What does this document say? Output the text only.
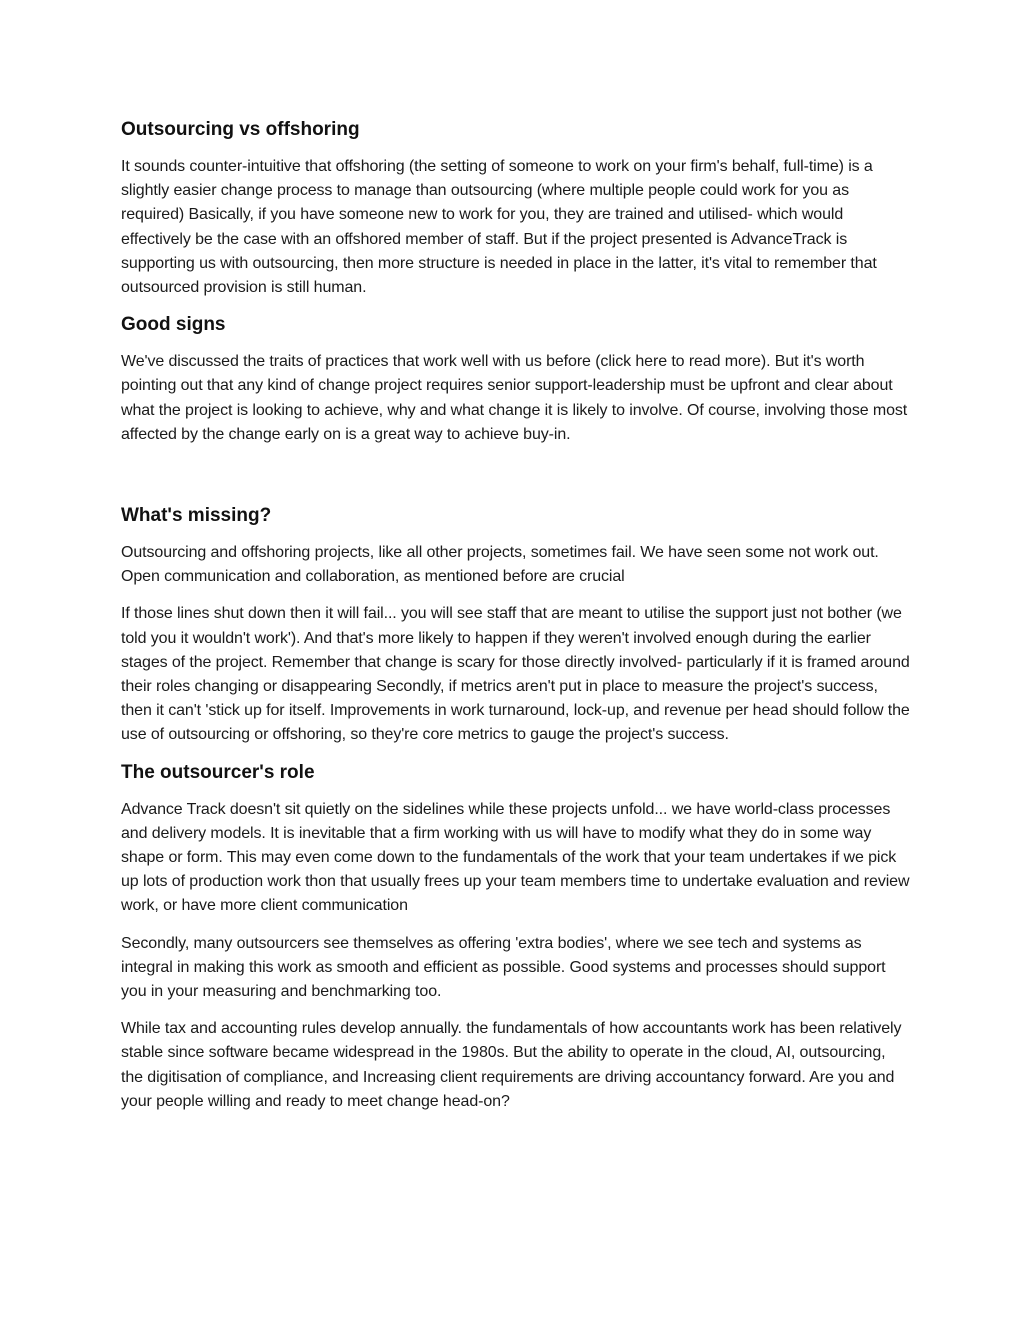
Outsourcing vs offshoring

It sounds counter-intuitive that offshoring (the setting of someone to work on your firm's behalf, full-time) is a slightly easier change process to manage than outsourcing (where multiple people could work for you as required) Basically, if you have someone new to work for you, they are trained and utilised- which would effectively be the case with an offshored member of staff. But if the project presented is AdvanceTrack is supporting us with outsourcing, then more structure is needed in place in the latter, it's vital to remember that outsourced provision is still human.

Good signs

We've discussed the traits of practices that work well with us before (click here to read more). But it's worth pointing out that any kind of change project requires senior support-leadership must be upfront and clear about what the project is looking to achieve, why and what change it is likely to involve. Of course, involving those most affected by the change early on is a great way to achieve buy-in.

What's missing?

Outsourcing and offshoring projects, like all other projects, sometimes fail. We have seen some not work out. Open communication and collaboration, as mentioned before are crucial

If those lines shut down then it will fail... you will see staff that are meant to utilise the support just not bother (we told you it wouldn't work'). And that's more likely to happen if they weren't involved enough during the earlier stages of the project. Remember that change is scary for those directly involved- particularly if it is framed around their roles changing or disappearing Secondly, if metrics aren't put in place to measure the project's success, then it can't 'stick up for itself. Improvements in work turnaround, lock-up, and revenue per head should follow the use of outsourcing or offshoring, so they're core metrics to gauge the project's success.

The outsourcer's role

Advance Track doesn't sit quietly on the sidelines while these projects unfold... we have world-class processes and delivery models. It is inevitable that a firm working with us will have to modify what they do in some way shape or form. This may even come down to the fundamentals of the work that your team undertakes if we pick up lots of production work thon that usually frees up your team members time to undertake evaluation and review work, or have more client communication

Secondly, many outsourcers see themselves as offering 'extra bodies', where we see tech and systems as integral in making this work as smooth and efficient as possible. Good systems and processes should support you in your measuring and benchmarking too.

While tax and accounting rules develop annually. the fundamentals of how accountants work has been relatively stable since software became widespread in the 1980s. But the ability to operate in the cloud, AI, outsourcing, the digitisation of compliance, and Increasing client requirements are driving accountancy forward. Are you and your people willing and ready to meet change head-on?
